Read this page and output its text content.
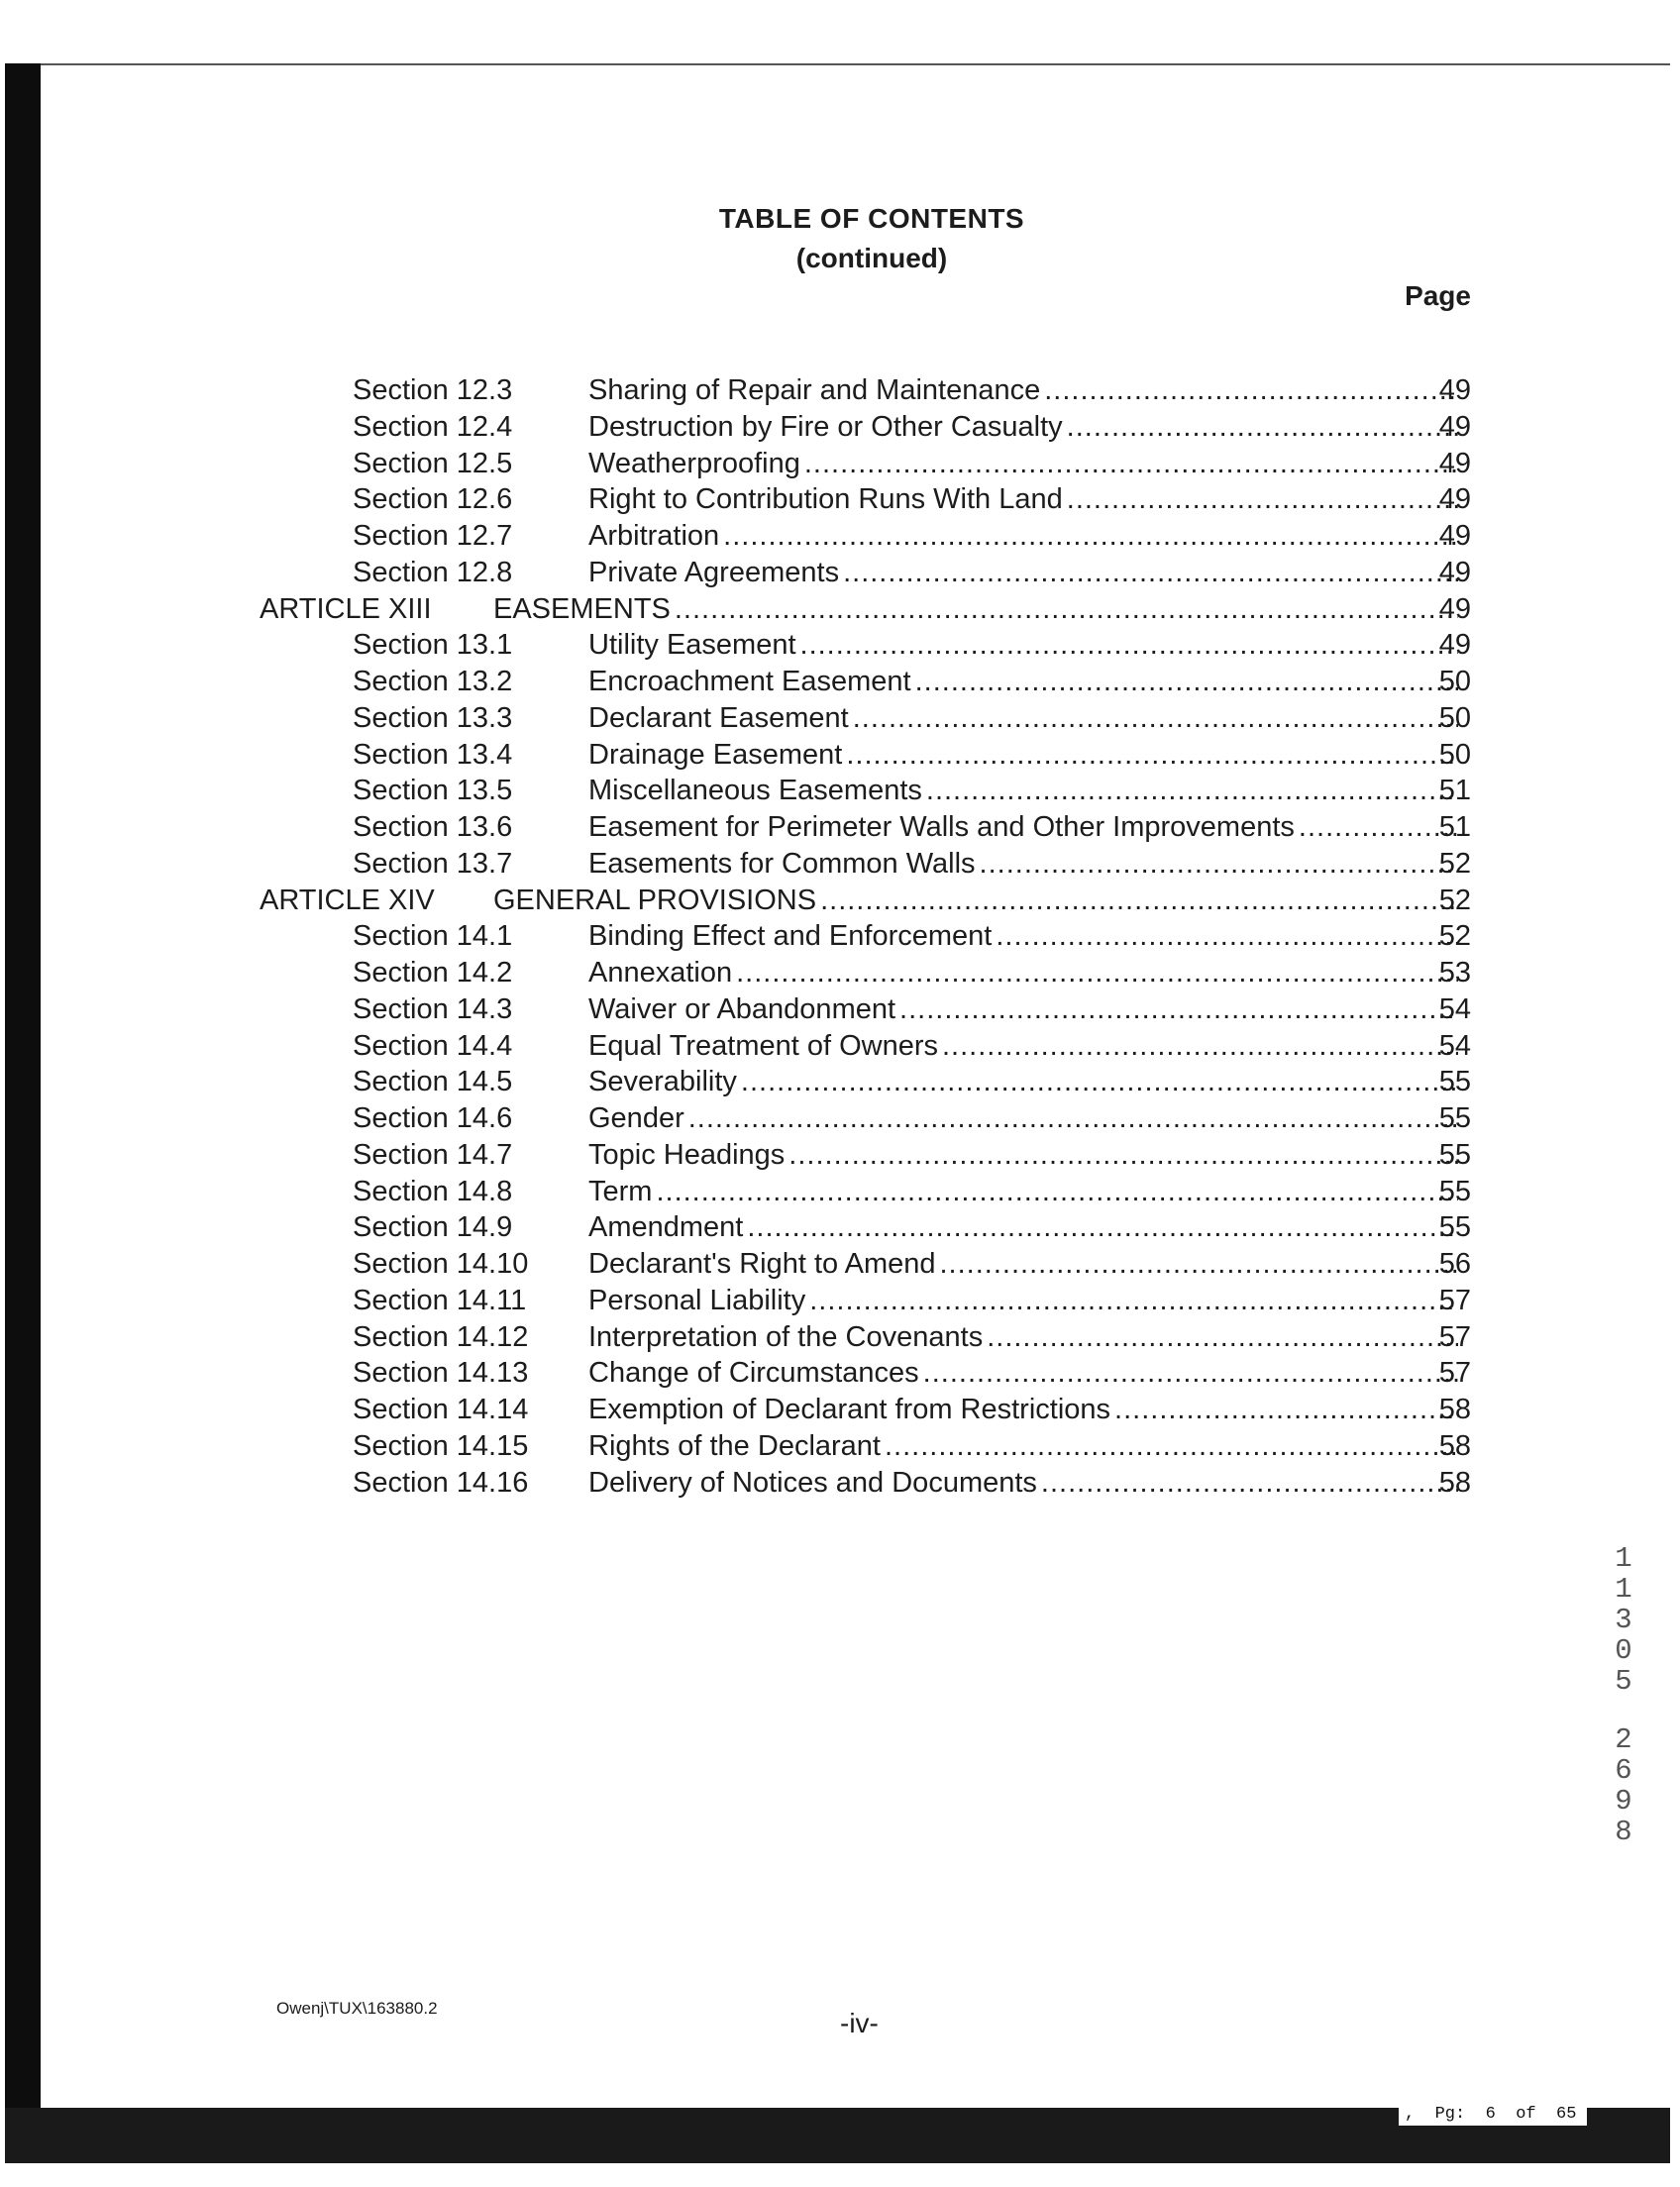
TABLE OF CONTENTS
(continued)
Page
Section 12.3	Sharing of Repair and Maintenance .....	49
Section 12.4	Destruction by Fire or Other Casualty .....	49
Section 12.5	Weatherproofing .....	49
Section 12.6	Right to Contribution Runs With Land .....	49
Section 12.7	Arbitration .....	49
Section 12.8	Private Agreements .....	49
ARTICLE XIII EASEMENTS .....	49
Section 13.1	Utility Easement .....	49
Section 13.2	Encroachment Easement .....	50
Section 13.3	Declarant Easement .....	50
Section 13.4	Drainage Easement .....	50
Section 13.5	Miscellaneous Easements .....	51
Section 13.6	Easement for Perimeter Walls and Other Improvements .....	51
Section 13.7	Easements for Common Walls .....	52
ARTICLE XIV GENERAL PROVISIONS .....	52
Section 14.1	Binding Effect and Enforcement .....	52
Section 14.2	Annexation .....	53
Section 14.3	Waiver or Abandonment .....	54
Section 14.4	Equal Treatment of Owners .....	54
Section 14.5	Severability .....	55
Section 14.6	Gender .....	55
Section 14.7	Topic Headings .....	55
Section 14.8	Term .....	55
Section 14.9	Amendment .....	55
Section 14.10 Declarant's Right to Amend .....	56
Section 14.11 Personal Liability .....	57
Section 14.12 Interpretation of the Covenants .....	57
Section 14.13 Change of Circumstances .....	57
Section 14.14 Exemption of Declarant from Restrictions .....	58
Section 14.15 Rights of the Declarant .....	58
Section 14.16 Delivery of Notices and Documents .....	58
Owenj\TUX\163880.2	-iv-
1
1
3
0
5
2
6
9
8
,  Pg:  6  of  65
